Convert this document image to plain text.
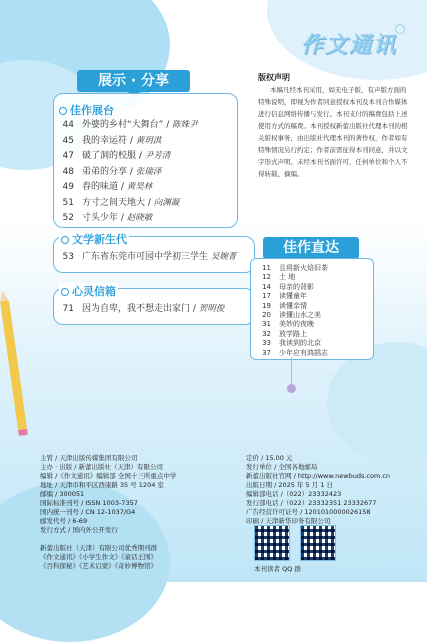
作文通讯
展示 · 分享
佳作展台
44 外婆的乡村“大舞台” / 陈姝尹
45 我的幸运符 / 黄玥淇
47 破了洞的校服 / 尹芳清
48 弟弟的分享 / 张瑞泽
49 春的味道 / 黄昊林
51 方寸之间天地大 / 向渊凝
52 寸头少年 / 赵晓敏
文学新生代
53 广东省东莞市可园中学初三学生 吴婉菁
心灵信箱
71 因为自卑，我不想走出家门 / 贺明俊
版权声明
本稿凡经本刊采用，如无电子版、有声版方面的特殊说明，即视为作者同意授权本刊及本刊合作媒体进行信息网络传播与发行。本刊支付的稿费包括上述使用方式的稿费。本刊授权新蕾出版社代理本刊的相关版权事务，由出版社代理本刊的著作权，作者如有特殊情况另行约定；作者前需征得本刊同意，并以文字形式声明。未经本刊书面许可，任何单位和个人不得转载、摘编。
佳作直达
11 且将新火焙旧茶
12 土 地
14 母亲的背影
17 读懂童年
19 读懂亲情
20 读懂山水之美
31 美妙的夜晚
32 放学路上
33 我读到的北京
37 少年应有鸿鹄志
主管 / 天津出版传媒集团有限公司
主办 · 出版 / 新蕾出版社（天津）有限公司
编辑 /《作文通讯》编辑部 全国十三所重点中学
地址 / 天津市和平区西康路 35 号 1204 室
邮编 / 300051
国际标准刊号 / ISSN 1003-7357
国内统一刊号 / CN 12-1037/G4
邮发代号 / 6-69
发行方式 / 国内外公开发行

新蕾出版社（天津）有限公司优秀期刊群
《作文通讯》《小学生作文》《童话王国》
《百科探秘》《艺术启蒙》《奇妙博物馆》
定价 / 15.00 元
发行单位 / 全国各地邮局
新蕾出版社官网 / http://www.newbuds.com.cn
出版日期 / 2025 年 5 月 1 日
编辑部电话 /（022）23332423
发行部电话 /（022）23332351 23332677
广告经营许可证号 / 1201010000026158
印刷 / 天津新华印务有限公司
本刊读者 QQ 群
